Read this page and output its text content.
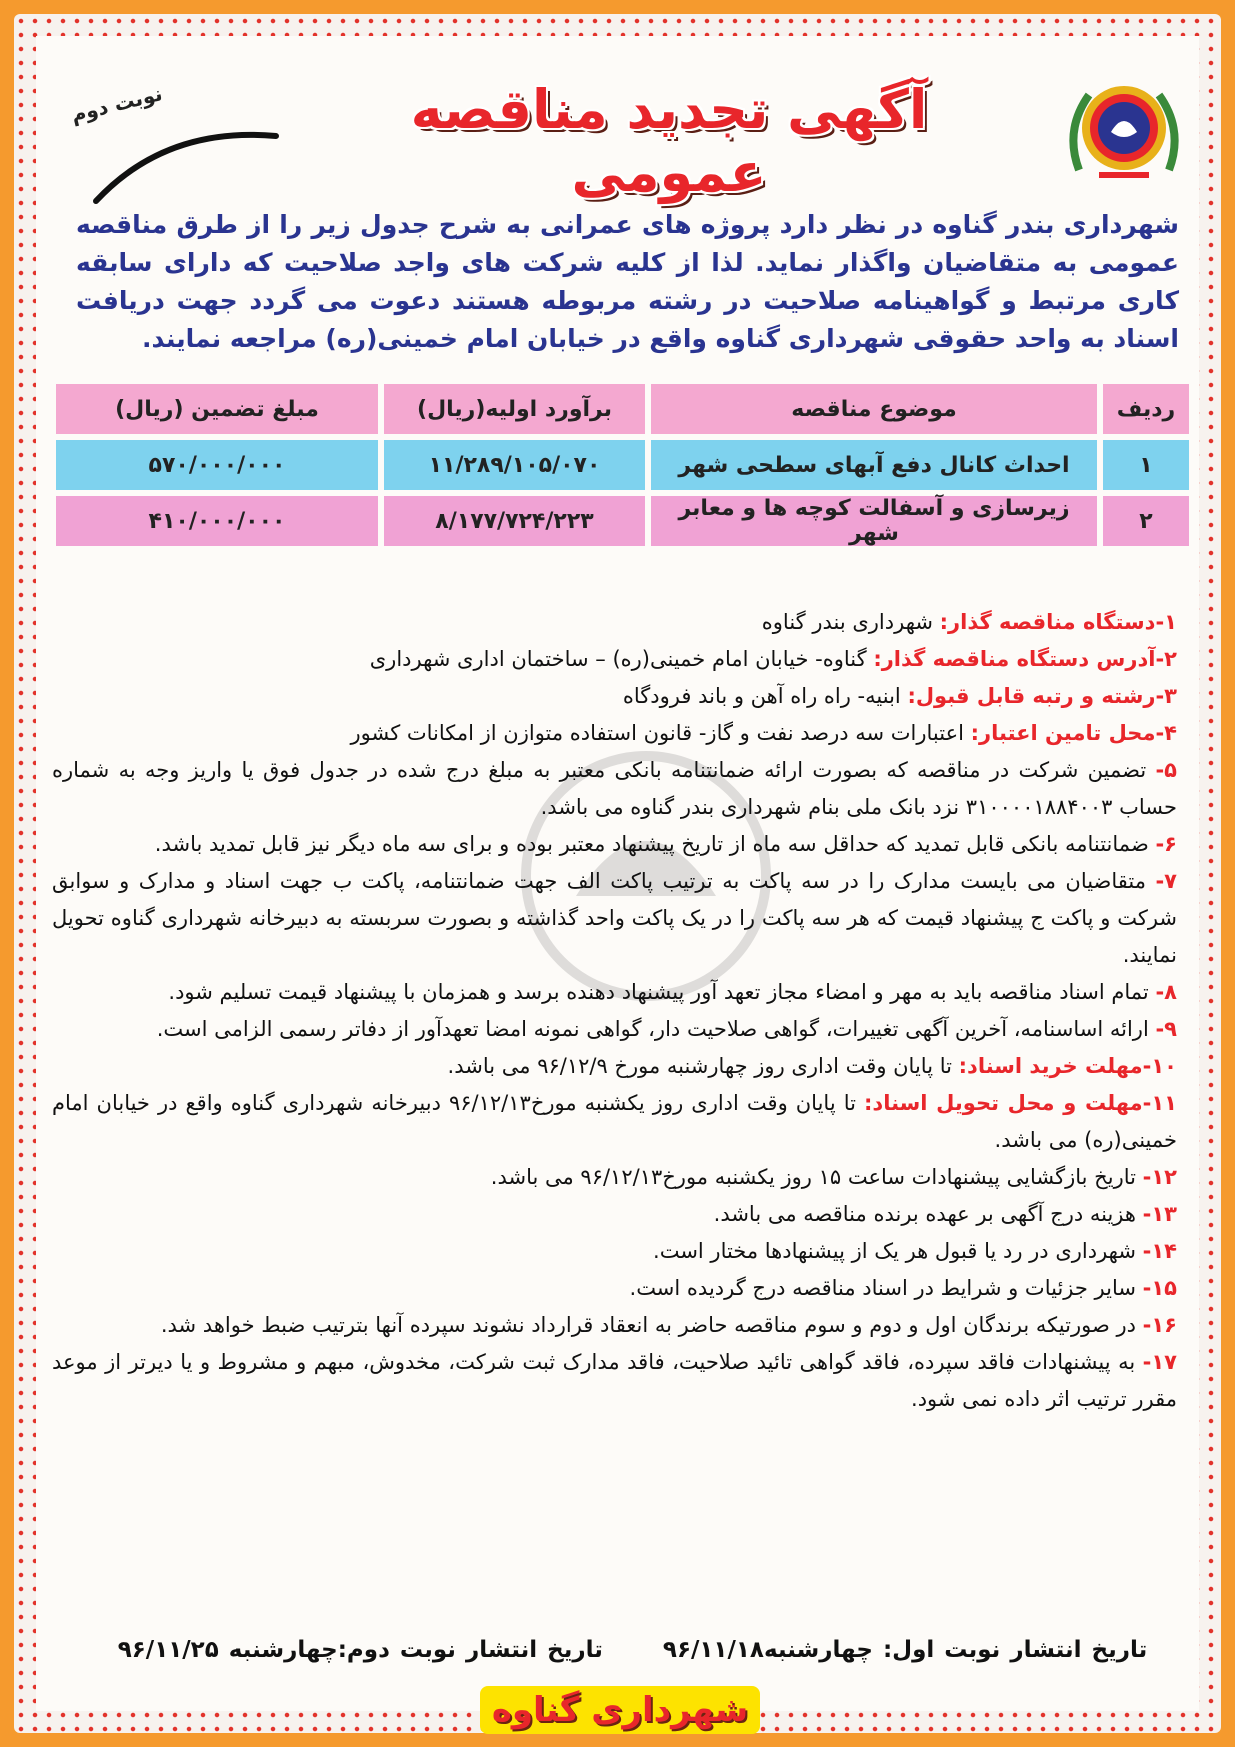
آگهی تجدید مناقصه عمومی
نوبت دوم
شهرداری بندر گناوه در نظر دارد پروژه های عمرانی به شرح جدول زیر را از طرق مناقصه عمومی به متقاضیان واگذار نماید. لذا از کلیه شرکت های واجد صلاحیت که دارای سابقه کاری مرتبط و گواهینامه صلاحیت در رشته مربوطه هستند دعوت می گردد جهت دریافت اسناد به واحد حقوقی شهرداری گناوه واقع در خیابان امام خمینی(ره) مراجعه نمایند.
ردیف	موضوع مناقصه	برآورد اولیه(ریال)	مبلغ تضمین (ریال)
۱	احداث کانال دفع آبهای سطحی شهر	۱۱/۲۸۹/۱۰۵/۰۷۰	۵۷۰/۰۰۰/۰۰۰
۲	زیرسازی و آسفالت کوچه ها و معابر شهر	۸/۱۷۷/۷۲۴/۲۲۳	۴۱۰/۰۰۰/۰۰۰

۱-دستگاه مناقصه گذار: شهرداری بندر گناوه

۲-آدرس دستگاه مناقصه گذار: گناوه- خیابان امام خمینی(ره) – ساختمان اداری شهرداری

۳-رشته و رتبه قابل قبول: ابنیه- راه راه آهن و باند فرودگاه

۴-محل تامین اعتبار: اعتبارات سه درصد نفت و گاز- قانون استفاده متوازن از امکانات کشور

۵- تضمین شرکت در مناقصه که بصورت ارائه ضمانتنامه بانکی معتبر به مبلغ درج شده در جدول فوق یا واریز وجه به شماره حساب ۳۱۰۰۰۰۱۸۸۴۰۰۳ نزد بانک ملی بنام شهرداری بندر گناوه می باشد.

۶- ضمانتنامه بانکی قابل تمدید که حداقل سه ماه از تاریخ پیشنهاد معتبر بوده و برای سه ماه دیگر نیز قابل تمدید باشد.

۷- متقاضیان می بایست مدارک را در سه پاکت به ترتیب پاکت الف جهت ضمانتنامه، پاکت ب جهت اسناد و مدارک و سوابق شرکت و پاکت ج پیشنهاد قیمت که هر سه پاکت را در یک پاکت واحد گذاشته و بصورت سربسته به دبیرخانه شهرداری گناوه تحویل نمایند.

۸- تمام اسناد مناقصه باید به مهر و امضاء مجاز تعهد آور پیشنهاد دهنده برسد و همزمان با پیشنهاد قیمت تسلیم شود.

۹- ارائه اساسنامه، آخرین آگهی تغییرات، گواهی صلاحیت دار، گواهی نمونه امضا تعهدآور از دفاتر رسمی الزامی است.

۱۰-مهلت خرید اسناد: تا پایان وقت اداری روز چهارشنبه مورخ ۹۶/۱۲/۹ می باشد.

۱۱-مهلت و محل تحویل اسناد: تا پایان وقت اداری روز یکشنبه مورخ۹۶/۱۲/۱۳ دبیرخانه شهرداری گناوه واقع در خیابان امام خمینی(ره) می باشد.

۱۲- تاریخ بازگشایی پیشنهادات ساعت ۱۵ روز یکشنبه مورخ۹۶/۱۲/۱۳ می باشد.

۱۳- هزینه درج آگهی بر عهده برنده مناقصه می باشد.

۱۴- شهرداری در رد یا قبول هر یک از پیشنهادها مختار است.

۱۵- سایر جزئیات و شرایط در اسناد مناقصه درج گردیده است.

۱۶- در صورتیکه برندگان اول و دوم و سوم مناقصه حاضر به انعقاد قرارداد نشوند سپرده آنها بترتیب ضبط خواهد شد.

۱۷- به پیشنهادات فاقد سپرده، فاقد گواهی تائید صلاحیت، فاقد مدارک ثبت شرکت، مخدوش، مبهم و مشروط و یا دیرتر از موعد مقرر ترتیب اثر داده نمی شود.

تاریخ انتشار نوبت اول: چهارشنبه۹۶/۱۱/۱۸      تاریخ انتشار نوبت دوم:چهارشنبه ۹۶/۱۱/۲۵
شهرداری گناوه
